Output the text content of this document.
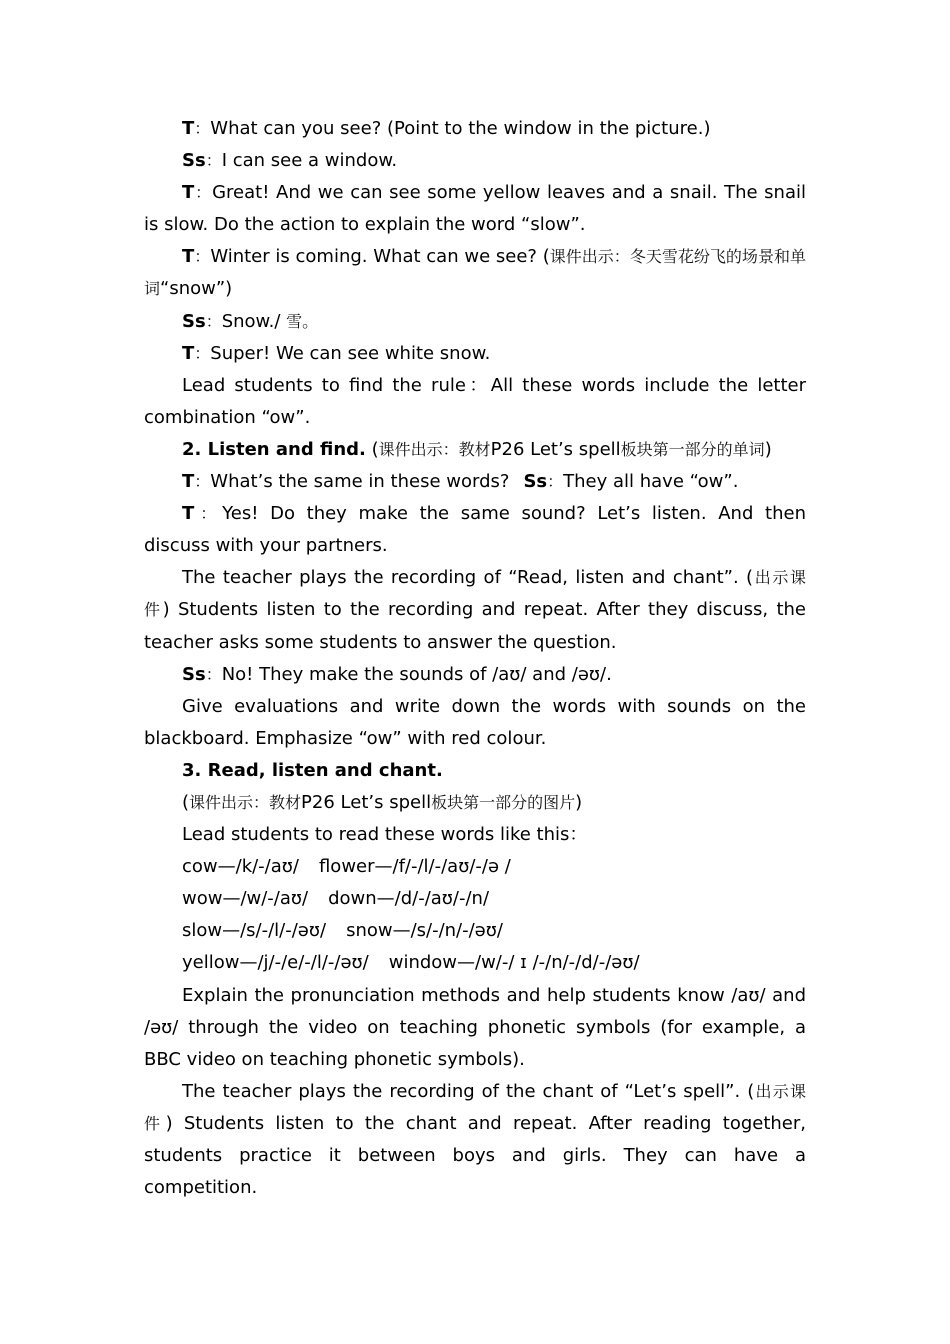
T：What can you see? (Point to the window in the picture.)

Ss：I can see a window.

T：Great! And we can see some yellow leaves and a snail. The snail is slow. Do the action to explain the word “slow”.

T：Winter is coming. What can we see? (课件出示：冬天雪花纷飞的场景和单词“snow”)

Ss：Snow./ 雪。

T：Super! We can see white snow.

Lead students to find the rule：All these words include the letter combination “ow”.

2. Listen and find. (课件出示：教材P26 Let’s spell板块第一部分的单词)

T：What’s the same in these words? Ss：They all have “ow”.

T：Yes! Do they make the same sound? Let’s listen. And then discuss with your partners.

The teacher plays the recording of “Read, listen and chant”. (出示课件) Students listen to the recording and repeat. After they discuss, the teacher asks some students to answer the question.

Ss：No! They make the sounds of /aʊ/ and /əʊ/.

Give evaluations and write down the words with sounds on the blackboard. Emphasize “ow” with red colour.

3. Read, listen and chant.

(课件出示：教材P26 Let’s spell板块第一部分的图片)

Lead students to read these words like this：

cow—/k/-/aʊ/ flower—/f/-/l/-/aʊ/-/ə /

wow—/w/-/aʊ/ down—/d/-/aʊ/-/n/

slow—/s/-/l/-/əʊ/ snow—/s/-/n/-/əʊ/

yellow—/j/-/e/-/l/-/əʊ/ window—/w/-/ ɪ /-/n/-/d/-/əʊ/

Explain the pronunciation methods and help students know /aʊ/ and /əʊ/ through the video on teaching phonetic symbols (for example, a BBC video on teaching phonetic symbols).

The teacher plays the recording of the chant of “Let’s spell”. (出示课件) Students listen to the chant and repeat. After reading together, students practice it between boys and girls. They can have a competition.
